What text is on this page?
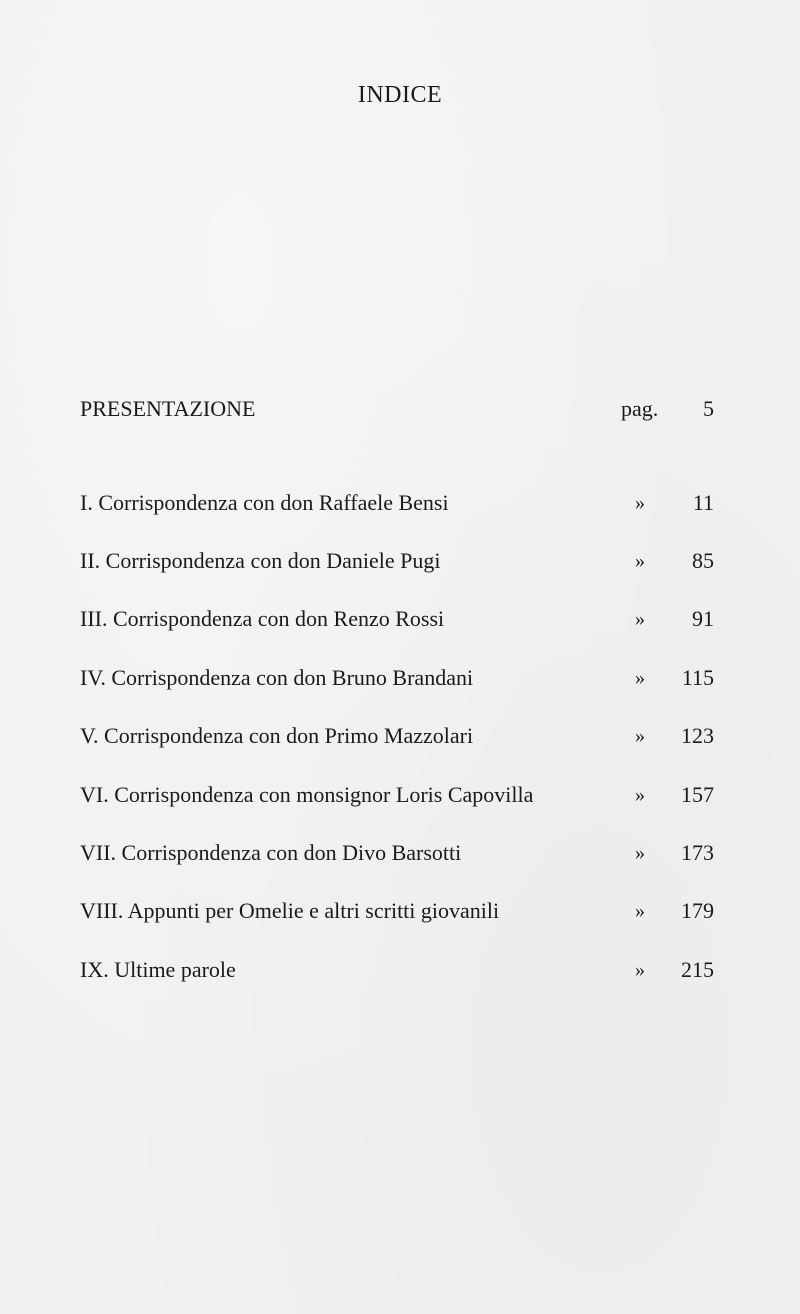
INDICE
PRESENTAZIONE	pag. 5
I. Corrispondenza con don Raffaele Bensi	» 11
II. Corrispondenza con don Daniele Pugi	» 85
III. Corrispondenza con don Renzo Rossi	» 91
IV. Corrispondenza con don Bruno Brandani	» 115
V. Corrispondenza con don Primo Mazzolari	» 123
VI. Corrispondenza con monsignor Loris Capovilla	» 157
VII. Corrispondenza con don Divo Barsotti	» 173
VIII. Appunti per Omelie e altri scritti giovanili	» 179
IX. Ultime parole	» 215
